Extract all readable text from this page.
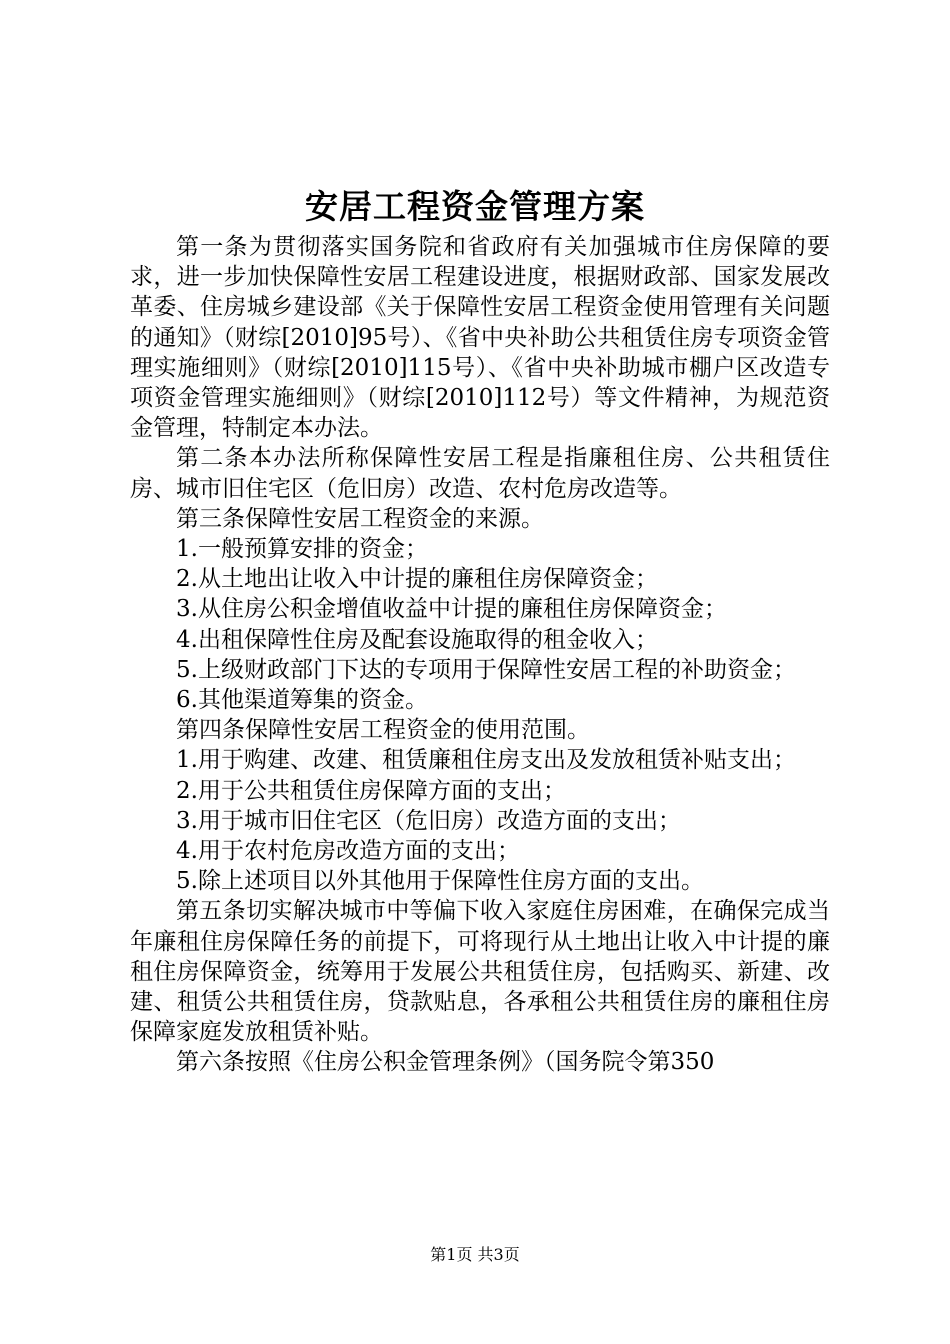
安居工程资金管理方案

第一条为贯彻落实国务院和省政府有关加强城市住房保障的要求，进一步加快保障性安居工程建设进度，根据财政部、国家发展改革委、住房城乡建设部《关于保障性安居工程资金使用管理有关问题的通知》（财综[2010]95号）、《省中央补助公共租赁住房专项资金管理实施细则》（财综[2010]115号）、《省中央补助城市棚户区改造专项资金管理实施细则》（财综[2010]112号）等文件精神，为规范资金管理，特制定本办法。

第二条本办法所称保障性安居工程是指廉租住房、公共租赁住房、城市旧住宅区（危旧房）改造、农村危房改造等。

第三条保障性安居工程资金的来源。

1.一般预算安排的资金；

2.从土地出让收入中计提的廉租住房保障资金；

3.从住房公积金增值收益中计提的廉租住房保障资金；

4.出租保障性住房及配套设施取得的租金收入；

5.上级财政部门下达的专项用于保障性安居工程的补助资金；

6.其他渠道筹集的资金。

第四条保障性安居工程资金的使用范围。

1.用于购建、改建、租赁廉租住房支出及发放租赁补贴支出；

2.用于公共租赁住房保障方面的支出；

3.用于城市旧住宅区（危旧房）改造方面的支出；

4.用于农村危房改造方面的支出；

5.除上述项目以外其他用于保障性住房方面的支出。

第五条切实解决城市中等偏下收入家庭住房困难，在确保完成当年廉租住房保障任务的前提下，可将现行从土地出让收入中计提的廉租住房保障资金，统筹用于发展公共租赁住房，包括购买、新建、改建、租赁公共租赁住房，贷款贴息，各承租公共租赁住房的廉租住房保障家庭发放租赁补贴。

第六条按照《住房公积金管理条例》（国务院令第350

第1页 共3页
